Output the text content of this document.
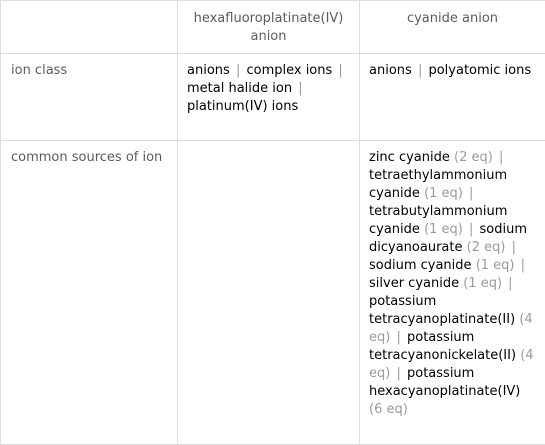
	hexafluoroplatinate(IV) anion	cyanide anion
ion class	anions | complex ions | metal halide ion | platinum(IV) ions	anions | polyatomic ions
common sources of ion		zinc cyanide (2 eq) | tetraethylammonium cyanide (1 eq) | tetrabutylammonium cyanide (1 eq) | sodium dicyanoaurate (2 eq) | sodium cyanide (1 eq) | silver cyanide (1 eq) | potassium tetracyanoplatinate(II) (4 eq) | potassium tetracyanonickelate(II) (4 eq) | potassium hexacyanoplatinate(IV) (6 eq)
